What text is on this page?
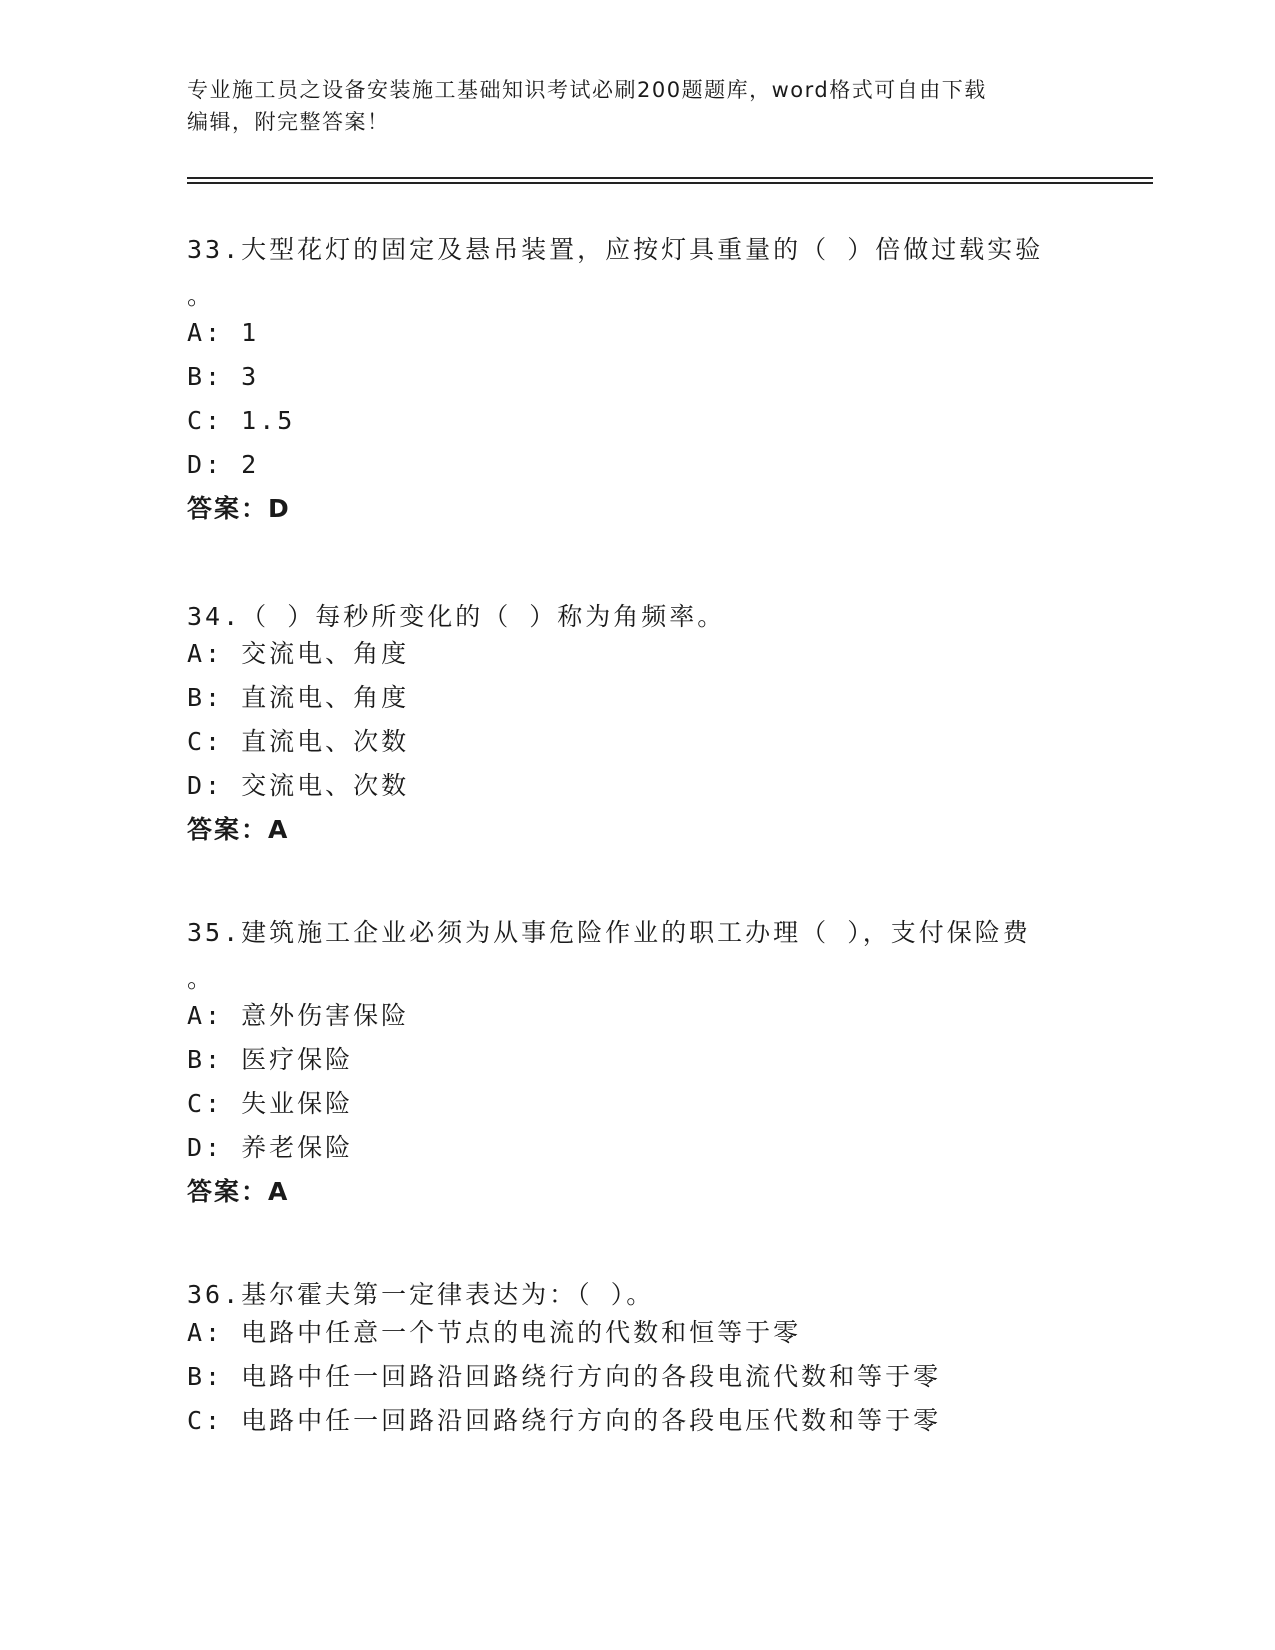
专业施工员之设备安装施工基础知识考试必刷200题题库，word格式可自由下载
编辑，附完整答案！
33.大型花灯的固定及悬吊装置，应按灯具重量的（ ）倍做过载实验
。
A: 1
B: 3
C: 1.5
D: 2
答案：D
34.（ ）每秒所变化的（ ）称为角频率。
A: 交流电、角度
B: 直流电、角度
C: 直流电、次数
D: 交流电、次数
答案：A
35.建筑施工企业必须为从事危险作业的职工办理（ ），支付保险费
。
A: 意外伤害保险
B: 医疗保险
C: 失业保险
D: 养老保险
答案：A
36.基尔霍夫第一定律表达为：（ ）。
A: 电路中任意一个节点的电流的代数和恒等于零
B: 电路中任一回路沿回路绕行方向的各段电流代数和等于零
C: 电路中任一回路沿回路绕行方向的各段电压代数和等于零
